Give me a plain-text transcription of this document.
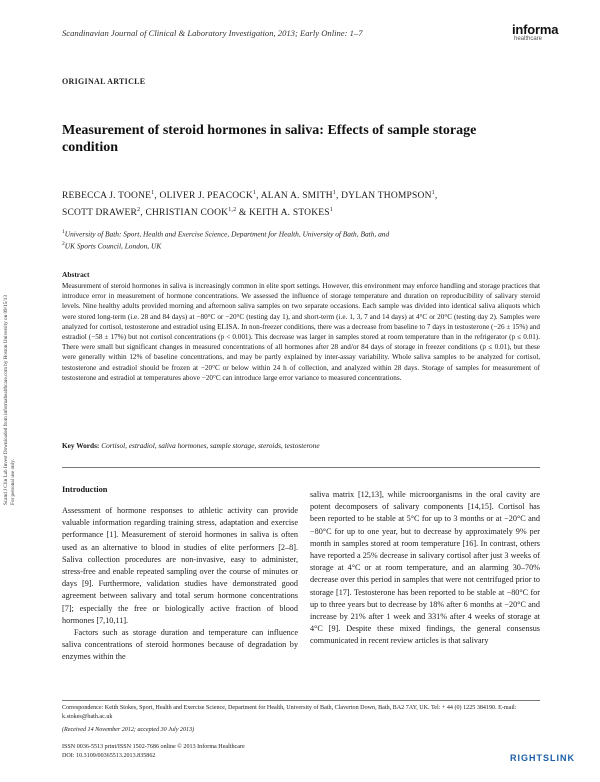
Scandinavian Journal of Clinical & Laboratory Investigation, 2013; Early Online: 1–7	informa
healthcare
ORIGINAL ARTICLE
Measurement of steroid hormones in saliva: Effects of sample storage condition
REBECCA J. TOONE$^1$, OLIVER J. PEACOCK$^1$, ALAN A. SMITH$^1$, DYLAN THOMPSON$^1$,
SCOTT DRAWER$^2$, CHRISTIAN COOK$^{1,2}$ & KEITH A. STOKES$^1$
$^1$University of Bath: Sport, Health and Exercise Science, Department for Health, University of Bath, Bath, and
$^2$UK Sports Council, London, UK
Abstract
Measurement of steroid hormones in saliva is increasingly common in elite sport settings. However, this environment may enforce handling and storage practices that introduce error in measurement of hormone concentrations. We assessed the influence of storage temperature and duration on reproducibility of salivary steroid levels. Nine healthy adults provided morning and afternoon saliva samples on two separate occasions. Each sample was divided into identical saliva aliquots which were stored long-term (i.e. 28 and 84 days) at −80°C or −20°C (testing day 1), and short-term (i.e. 1, 3, 7 and 14 days) at 4°C or 20°C (testing day 2). Samples were analyzed for cortisol, testosterone and estradiol using ELISA. In non-freezer conditions, there was a decrease from baseline to 7 days in testosterone (−26 ± 15%) and estradiol (−58 ± 17%) but not cortisol concentrations (p < 0.001). This decrease was larger in samples stored at room temperature than in the refrigerator (p ≤ 0.01). There were small but significant changes in measured concentrations of all hormones after 28 and/or 84 days of storage in freezer conditions (p ≤ 0.01), but these were generally within 12% of baseline concentrations, and may be partly explained by inter-assay variability. Whole saliva samples to be analyzed for cortisol, testosterone and estradiol should be frozen at −20°C or below within 24 h of collection, and analyzed within 28 days. Storage of samples for measurement of testosterone and estradiol at temperatures above −20°C can introduce large error variance to measured concentrations.
Key Words: Cortisol, estradiol, saliva hormones, sample storage, steroids, testosterone
Introduction

Assessment of hormone responses to athletic activity can provide valuable information regarding training stress, adaptation and exercise performance [1]. Measurement of steroid hormones in saliva is often used as an alternative to blood in studies of elite performers [2–8]. Saliva collection procedures are non-invasive, easy to administer, stress-free and enable repeated sampling over the course of minutes or days [9]. Furthermore, validation studies have demonstrated good agreement between salivary and total serum hormone concentrations [7]; especially the free or biologically active fraction of blood hormones [7,10,11].

Factors such as storage duration and temperature can influence saliva concentrations of steroid hormones because of degradation by enzymes within the

saliva matrix [12,13], while microorganisms in the oral cavity are potent decomposers of salivary components [14,15]. Cortisol has been reported to be stable at 5°C for up to 3 months or at −20°C and −80°C for up to one year, but to decrease by approximately 9% per month in samples stored at room temperature [16]. In contrast, others have reported a 25% decrease in salivary cortisol after just 3 weeks of storage at 4°C or at room temperature, and an alarming 30–70% decrease over this period in samples that were not centrifuged prior to storage [17]. Testosterone has been reported to be stable at −80°C for up to three years but to decrease by 18% after 6 months at −20°C and increase by 21% after 1 week and 331% after 4 weeks of storage at 4°C [9]. Despite these mixed findings, the general consensus communicated in recent review articles is that salivary

Correspondence: Keith Stokes, Sport, Health and Exercise Science, Department for Health, University of Bath, Claverton Down, Bath, BA2 7AY, UK. Tel: + 44 (0) 1225 384190. E-mail: k.stokes@bath.ac.uk
(Received 14 November 2012; accepted 30 July 2013)
ISSN 0036-5513 print/ISSN 1502-7686 online © 2013 Informa Healthcare
DOI: 10.3109/00365513.2013.835862	RIGHTSLINK
Scand J Clin Lab Invest Downloaded from informahealthcare.com by Boston University on 09/15/13 For personal use only.
